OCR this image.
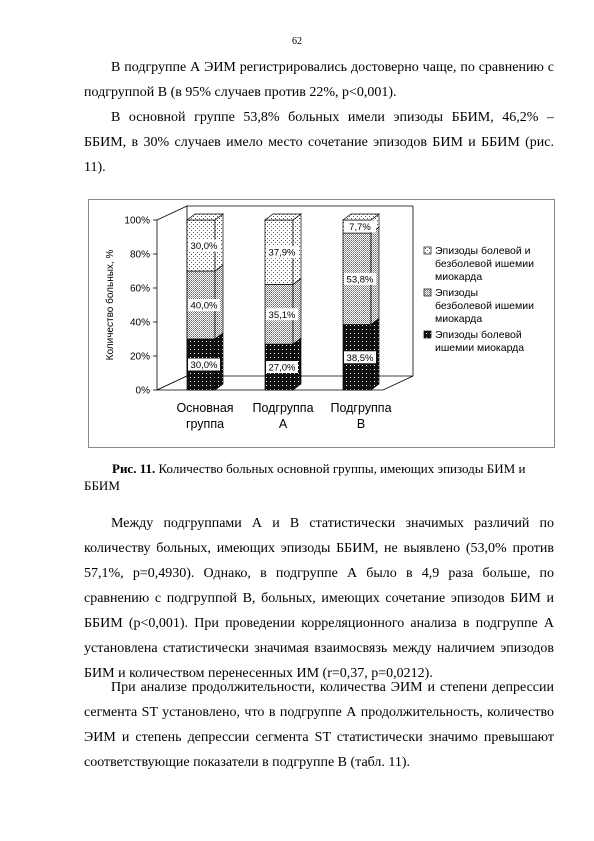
62

В подгруппе А ЭИМ регистрировались достоверно чаще, по сравнению с подгруппой В (в 95% случаев против 22%, p<0,001).

В основной группе 53,8% больных имели эпизоды ББИМ, 46,2% – ББИМ, в 30% случаев имело место сочетание эпизодов БИМ и ББИМ (рис. 11).

0%
20%
40%
60%
80%
100%
Количество больных, %
30,0%
40,0%
30,0%
Основная
группа
27,0%
35,1%
37,9%
Подгруппа
А
38,5%
53,8%
7,7%
Подгруппа
В
Эпизоды болевой и
безболевой ишемии
миокарда
Эпизоды
безболевой ишемии
миокарда
Эпизоды болевой
ишемии миокарда

Рис. 11. Количество больных основной группы, имеющих эпизоды БИМ и ББИМ

Между подгруппами А и В статистически значимых различий по количеству больных, имеющих эпизоды ББИМ, не выявлено (53,0% против 57,1%, p=0,4930). Однако, в подгруппе А было в 4,9 раза больше, по сравнению с подгруппой В, больных, имеющих сочетание эпизодов БИМ и ББИМ (p<0,001). При проведении корреляционного анализа в подгруппе А установлена статистически значимая взаимосвязь между наличием эпизодов БИМ и количеством перенесенных ИМ (r=0,37, p=0,0212).

При анализе продолжительности, количества ЭИМ и степени депрессии сегмента ST установлено, что в подгруппе А продолжительность, количество ЭИМ и степень депрессии сегмента ST статистически значимо превышают соответствующие показатели в подгруппе В (табл. 11).
